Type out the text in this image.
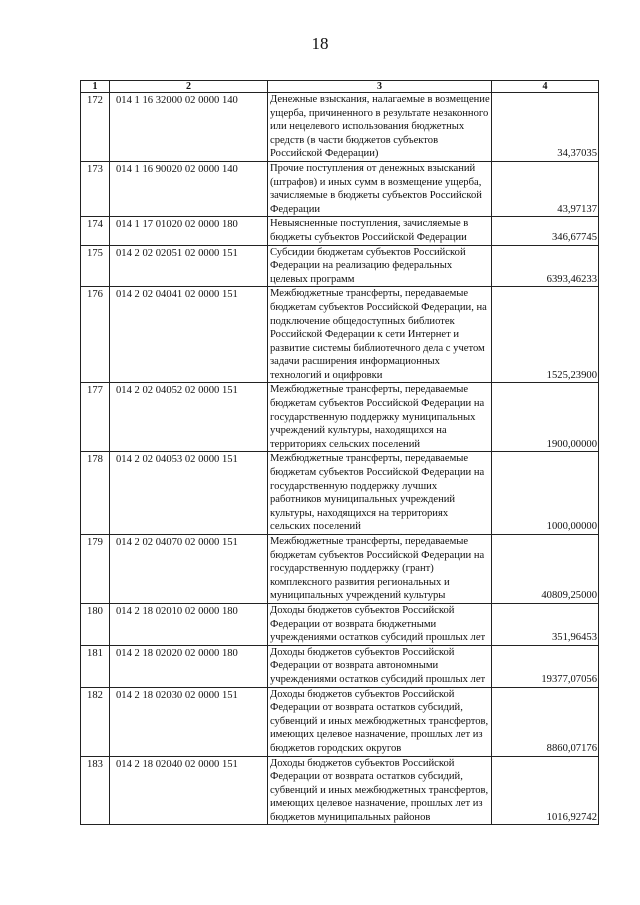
18
1	2	3	4
172	014 1 16 32000 02 0000 140	Денежные взыскания, налагаемые в возмещение ущерба, причиненного в результате незаконного или нецелевого использования бюджетных средств (в части бюджетов субъектов Российской Федерации)	34,37035
173	014 1 16 90020 02 0000 140	Прочие поступления от денежных взысканий (штрафов) и иных сумм в возмещение ущерба, зачисляемые в бюджеты субъектов Российской Федерации	43,97137
174	014 1 17 01020 02 0000 180	Невыясненные поступления, зачисляемые в бюджеты субъектов Российской Федерации	346,67745
175	014 2 02 02051 02 0000 151	Субсидии бюджетам субъектов Российской Федерации на реализацию федеральных целевых программ	6393,46233
176	014 2 02 04041 02 0000 151	Межбюджетные трансферты, передаваемые бюджетам субъектов Российской Федерации, на подключение общедоступных библиотек Российской Федерации к сети Интернет и развитие системы библиотечного дела с учетом задачи расширения информационных технологий и оцифровки	1525,23900
177	014 2 02 04052 02 0000 151	Межбюджетные трансферты, передаваемые бюджетам субъектов Российской Федерации на государственную поддержку муниципальных учреждений культуры, находящихся на территориях сельских поселений	1900,00000
178	014 2 02 04053 02 0000 151	Межбюджетные трансферты, передаваемые бюджетам субъектов Российской Федерации на государственную поддержку лучших работников муниципальных учреждений культуры, находящихся на территориях сельских поселений	1000,00000
179	014 2 02 04070 02 0000 151	Межбюджетные трансферты, передаваемые бюджетам субъектов Российской Федерации на государственную поддержку (грант) комплексного развития региональных и муниципальных учреждений культуры	40809,25000
180	014 2 18 02010 02 0000 180	Доходы бюджетов субъектов Российской Федерации от возврата бюджетными учреждениями остатков субсидий прошлых лет	351,96453
181	014 2 18 02020 02 0000 180	Доходы бюджетов субъектов Российской Федерации от возврата автономными учреждениями остатков субсидий прошлых лет	19377,07056
182	014 2 18 02030 02 0000 151	Доходы бюджетов субъектов Российской Федерации от возврата остатков субсидий, субвенций и иных межбюджетных трансфертов, имеющих целевое назначение, прошлых лет из бюджетов городских округов	8860,07176
183	014 2 18 02040 02 0000 151	Доходы бюджетов субъектов Российской Федерации от возврата остатков субсидий, субвенций и иных межбюджетных трансфертов, имеющих целевое назначение, прошлых лет из бюджетов муниципальных районов	1016,92742
